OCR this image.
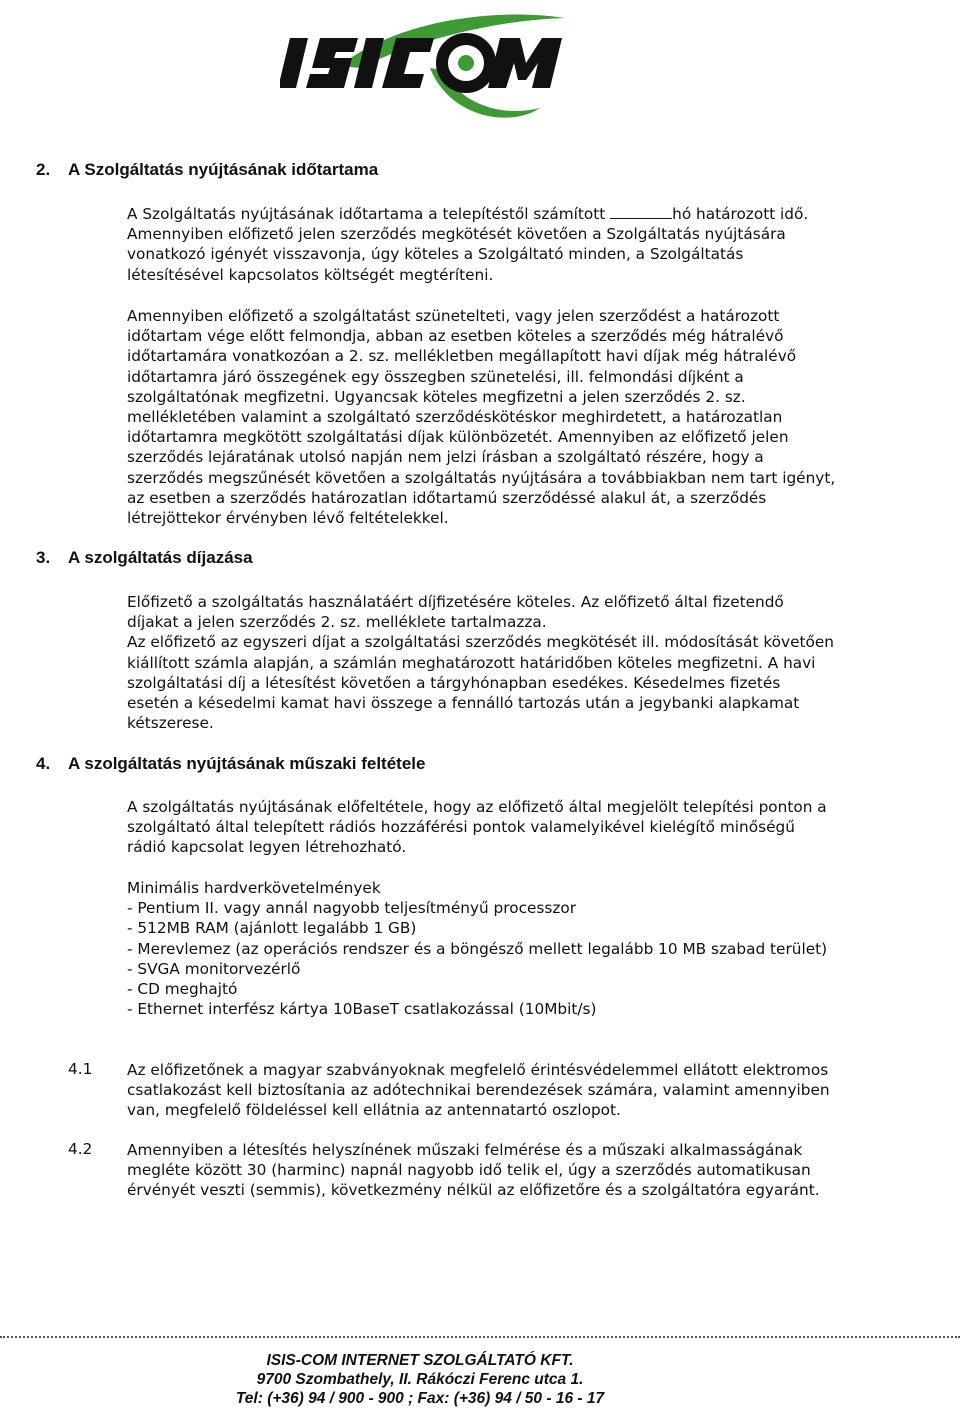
2. A Szolgáltatás nyújtásának időtartama

A Szolgáltatás nyújtásának időtartama a telepítéstől számított	hó határozott idő. Amennyiben előfizető jelen szerződés megkötését követően a Szolgáltatás nyújtására vonatkozó igényét visszavonja, úgy köteles a Szolgáltató minden, a Szolgáltatás létesítésével kapcsolatos költségét megtéríteni.

Amennyiben előfizető a szolgáltatást szünetelteti, vagy jelen szerződést a határozott időtartam vége előtt felmondja, abban az esetben köteles a szerződés még hátralévő időtartamára vonatkozóan a 2. sz. mellékletben megállapított havi díjak még hátralévő időtartamra járó összegének egy összegben szünetelési, ill. felmondási díjként a szolgáltatónak megfizetni. Ugyancsak köteles megfizetni a jelen szerződés 2. sz. mellékletében valamint a szolgáltató szerződéskötéskor meghirdetett, a határozatlan időtartamra megkötött szolgáltatási díjak különbözetét. Amennyiben az előfizető jelen szerződés lejáratának utolsó napján nem jelzi írásban a szolgáltató részére, hogy a szerződés megszűnését követően a szolgáltatás nyújtására a továbbiakban nem tart igényt, az esetben a szerződés határozatlan időtartamú szerződéssé alakul át, a szerződés létrejöttekor érvényben lévő feltételekkel.

3. A szolgáltatás díjazása

Előfizető a szolgáltatás használatáért díjfizetésére köteles. Az előfizető által fizetendő díjakat a jelen szerződés 2. sz. melléklete tartalmazza.

Az előfizető az egyszeri díjat a szolgáltatási szerződés megkötését ill. módosítását követően kiállított számla alapján, a számlán meghatározott határidőben köteles megfizetni. A havi szolgáltatási díj a létesítést követően a tárgyhónapban esedékes. Késedelmes fizetés esetén a késedelmi kamat havi összege a fennálló tartozás után a jegybanki alapkamat kétszerese.

4. A szolgáltatás nyújtásának műszaki feltétele

A szolgáltatás nyújtásának előfeltétele, hogy az előfizető által megjelölt telepítési ponton a szolgáltató által telepített rádiós hozzáférési pontok valamelyikével kielégítő minőségű rádió kapcsolat legyen létrehozható.

Minimális hardverkövetelmények

- Pentium II. vagy annál nagyobb teljesítményű processzor

- 512MB RAM (ajánlott legalább 1 GB)

- Merevlemez (az operációs rendszer és a böngésző mellett legalább 10 MB szabad terület)

- SVGA monitorvezérlő

- CD meghajtó

- Ethernet interfész kártya 10BaseT csatlakozással (10Mbit/s)

4.1 Az előfizetőnek a magyar szabványoknak megfelelő érintésvédelemmel ellátott elektromos csatlakozást kell biztosítania az adótechnikai berendezések számára, valamint amennyiben van, megfelelő földeléssel kell ellátnia az antennatartó oszlopot.

4.2 Amennyiben a létesítés helyszínének műszaki felmérése és a műszaki alkalmasságának megléte között 30 (harminc) napnál nagyobb idő telik el, úgy a szerződés automatikusan érvényét veszti (semmis), következmény nélkül az előfizetőre és a szolgáltatóra egyaránt.

ISIS-COM INTERNET SZOLGÁLTATÓ KFT.
9700 Szombathely, II. Rákóczi Ferenc utca 1.
Tel: (+36) 94 / 900 - 900 ; Fax: (+36) 94 / 50 - 16 - 17
